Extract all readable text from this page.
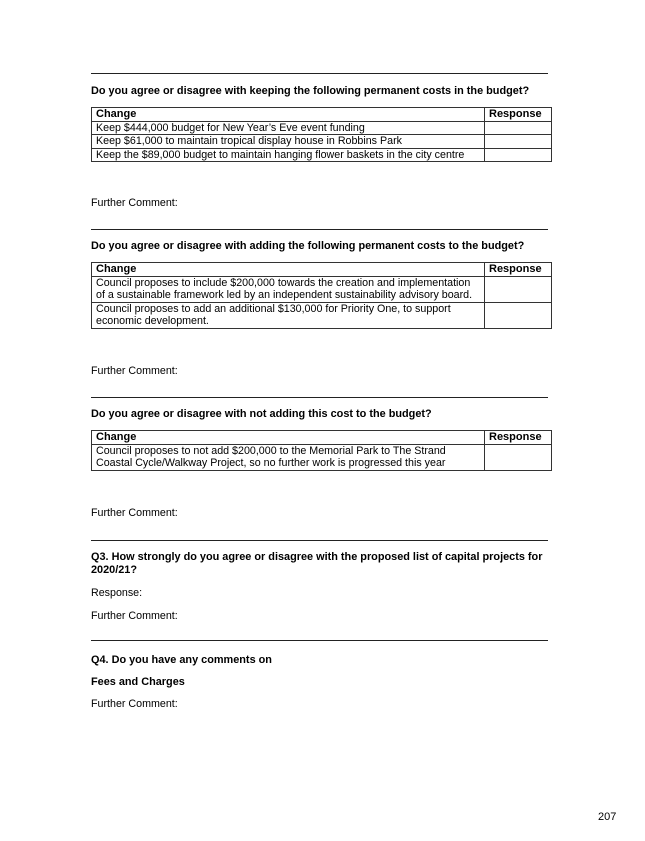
Do you agree or disagree with keeping the following permanent costs in the budget?
Change	Response
Keep $444,000 budget for New Year’s Eve event funding	
Keep $61,000 to maintain tropical display house in Robbins Park	
Keep the $89,000 budget to maintain hanging flower baskets in the city centre	
Further Comment:
Do you agree or disagree with adding the following permanent costs to the budget?
Change	Response
Council proposes to include $200,000 towards the creation and implementation of a sustainable framework led by an independent sustainability advisory board.	
Council proposes to add an additional $130,000 for Priority One, to support economic development.	
Further Comment:
Do you agree or disagree with not adding this cost to the budget?
Change	Response
Council proposes to not add $200,000 to the Memorial Park to The Strand Coastal Cycle/Walkway Project, so no further work is progressed this year	
Further Comment:
Q3. How strongly do you agree or disagree with the proposed list of capital projects for 2020/21?
Response:
Further Comment:
Q4. Do you have any comments on
Fees and Charges
Further Comment:
207
